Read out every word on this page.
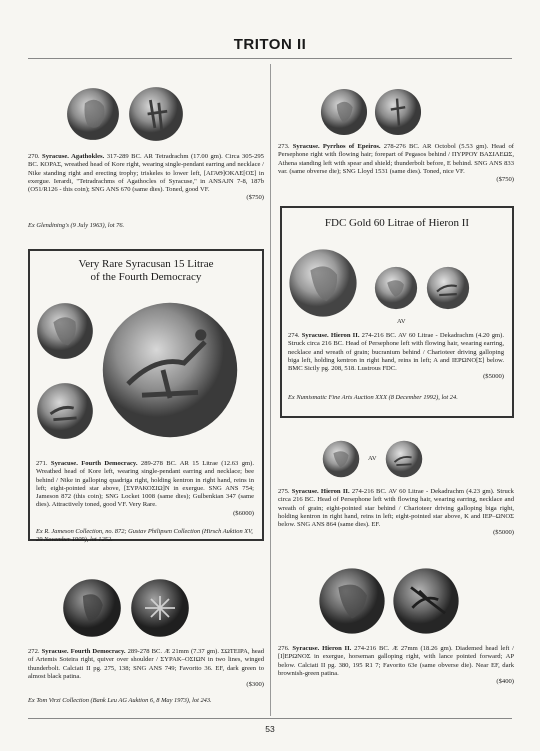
TRITON II

270. Syracuse. Agathokles. 317-289 BC. AR Tetradrachm (17.00 gm). Circa 305-295 BC. ΚΟΡΑΣ, wreathed head of Kore right, wearing single-pendant earring and necklace / Nike standing right and erecting trophy; triskeles to lower left, [ΑΓΑΘ]ΟΚΛΕ[ΟΣ] in exergue. Ierardi, "Tetradrachms of Agathocles of Syracuse," in ANSAJN 7-8, 187b (O51/R126 - this coin); SNG ANS 670 (same dies). Toned, good VF.
($750)

Ex Glendining's (9 July 1963), lot 76.
Very Rare Syracusan 15 Litrae
of the Fourth Democracy

271. Syracuse. Fourth Democracy. 289-278 BC. AR 15 Litrae (12.63 gm). Wreathed head of Kore left, wearing single-pendant earring and necklace; bee behind / Nike in galloping quadriga right, holding kentron in right hand, reins in left; eight-pointed star above, [ΣΥΡΑΚΟΣΙΩ]Ν in exergue. SNG ANS 754; Jameson 872 (this coin); SNG Locket 1008 (same dies); Gulbenkian 347 (same dies). Attractively toned, good VF. Very Rare.
($6000)

Ex R. Jameson Collection, no. 872; Gustav Philipsen Collection (Hirsch Auktion XV, 29 November 1909), lot 1252.

272. Syracuse. Fourth Democracy. 289-278 BC. Æ 21mm (7.37 gm). ΣΩΤΕΙΡΑ, head of Artemis Soteira right, quiver over shoulder / ΣΥΡΑΚ–ΟΣΙΩΝ in two lines, winged thunderbolt. Calciati II pg. 275, 138; SNG ANS 749; Favorito 36. EF, dark green to almost black patina.
($300)

Ex Tom Virzi Collection (Bank Leu AG Auktion 6, 8 May 1973), lot 243.

273. Syracuse. Pyrrhos of Epeiros. 278-276 BC. AR Octobol (5.53 gm). Head of Persephone right with flowing hair; forepart of Pegasos behind / ΠΥΡΡΟΥ ΒΑΣΙΛΕΩΣ, Athena standing left with spear and shield; thunderbolt before, E behind. SNG ANS 833 var. (same obverse die); SNG Lloyd 1531 (same dies). Toned, nice VF.
($750)

FDC Gold 60 Litrae of Hieron II
AV

274. Syracuse. Hieron II. 274-216 BC. AV 60 Litrae - Dekadrachm (4.20 gm). Struck circa 216 BC. Head of Persephone left with flowing hair, wearing earring, necklace and wreath of grain; bucranium behind / Charioteer driving galloping biga left, holding kentron in right hand, reins in left; A and ΙΕΡΩΝΟ[Σ] below. BMC Sicily pg. 208, 518. Lustrous FDC.
($5000)

Ex Numismatic Fine Arts Auction XXX (8 December 1992), lot 24.
AV

275. Syracuse. Hieron II. 274-216 BC. AV 60 Litrae - Dekadrachm (4.23 gm). Struck circa 216 BC. Head of Persephone left with flowing hair, wearing earring, necklace and wreath of grain; eight-pointed star behind / Charioteer driving galloping biga right, holding kentron in right hand, reins in left; eight-pointed star above, K and ΙΕΡ–ΩΝΟΣ below. SNG ANS 864 (same dies). EF.
($5000)

276. Syracuse. Hieron II. 274-216 BC. Æ 27mm (18.26 gm). Diademed head left / [Ι]ΕΡΩΝΟΣ in exergue, horseman galloping right, with lance pointed forward; AP below. Calciati II pg. 380, 195 R1 7; Favorito 63e (same obverse die). Near EF, dark brownish-green patina.
($400)

53
